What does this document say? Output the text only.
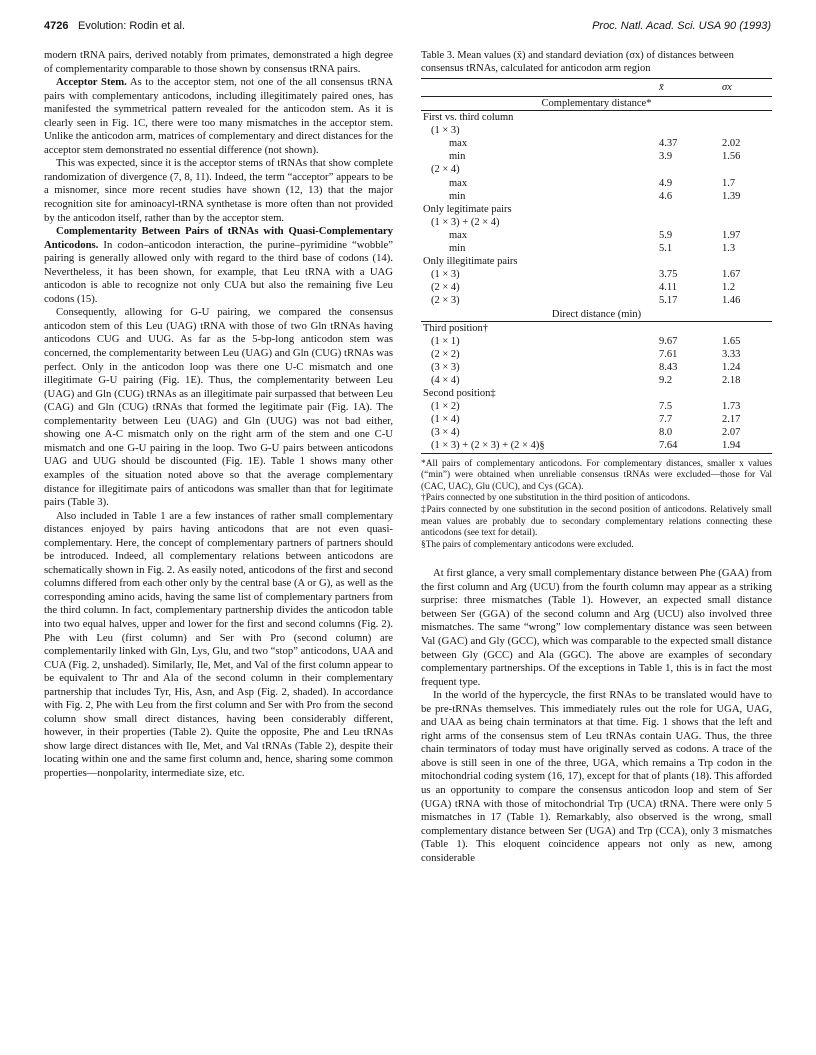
4726 Evolution: Rodin et al.	Proc. Natl. Acad. Sci. USA 90 (1993)

modern tRNA pairs, derived notably from primates, demonstrated a high degree of complementarity comparable to those shown by consensus tRNA pairs.

Acceptor Stem. As to the acceptor stem, not one of the all consensus tRNA pairs with complementary anticodons, including illegitimately paired ones, has manifested the symmetrical pattern revealed for the anticodon stem. As it is clearly seen in Fig. 1C, there were too many mismatches in the acceptor stem. Unlike the anticodon arm, matrices of complementary and direct distances for the acceptor stem demonstrated no essential difference (not shown).

This was expected, since it is the acceptor stems of tRNAs that show complete randomization of divergence (7, 8, 11). Indeed, the term “acceptor” appears to be a misnomer, since more recent studies have shown (12, 13) that the major recognition site for aminoacyl-tRNA synthetase is more often than not provided by the anticodon itself, rather than by the acceptor stem.

Complementarity Between Pairs of tRNAs with Quasi-Complementary Anticodons. In codon–anticodon interaction, the purine–pyrimidine “wobble” pairing is generally allowed only with regard to the third base of codons (14). Nevertheless, it has been shown, for example, that Leu tRNA with a UAG anticodon is able to recognize not only CUA but also the remaining five Leu codons (15).

Consequently, allowing for G-U pairing, we compared the consensus anticodon stem of this Leu (UAG) tRNA with those of two Gln tRNAs having anticodons CUG and UUG. As far as the 5-bp-long anticodon stem was concerned, the complementarity between Leu (UAG) and Gln (CUG) tRNAs was perfect. Only in the anticodon loop was there one U-C mismatch and one illegitimate G-U pairing (Fig. 1E). Thus, the complementarity between Leu (UAG) and Gln (CUG) tRNAs as an illegitimate pair surpassed that between Leu (CAG) and Gln (CUG) tRNAs that formed the legitimate pair (Fig. 1A). The complementarity between Leu (UAG) and Gln (UUG) was not bad either, showing one A-C mismatch only on the right arm of the stem and one C-U mismatch and one G-U pairing in the loop. Two G-U pairs between anticodons UAG and UUG should be discounted (Fig. 1E). Table 1 shows many other examples of the situation noted above so that the average complementary distance for illegitimate pairs of anticodons was smaller than that for legitimate pairs (Table 3).

Also included in Table 1 are a few instances of rather small complementary distances enjoyed by pairs having anticodons that are not even quasi-complementary. Here, the concept of complementary partners of partners should be introduced. Indeed, all complementary relations between anticodons are schematically shown in Fig. 2. As easily noted, anticodons of the first and second columns differed from each other only by the central base (A or G), as well as the corresponding amino acids, having the same list of complementary partners from the third column. In fact, complementary partnership divides the anticodon table into two equal halves, upper and lower for the first and second columns (Fig. 2). Phe with Leu (first column) and Ser with Pro (second column) are complementarily linked with Gln, Lys, Glu, and two “stop” anticodons, UAA and CUA (Fig. 2, unshaded). Similarly, Ile, Met, and Val of the first column appear to be equivalent to Thr and Ala of the second column in their complementary partnership that includes Tyr, His, Asn, and Asp (Fig. 2, shaded). In accordance with Fig. 2, Phe with Leu from the first column and Ser with Pro from the second column show small direct distances, having been considerably different, however, in their properties (Table 2). Quite the opposite, Phe and Leu tRNAs show large direct distances with Ile, Met, and Val tRNAs (Table 2), despite their locating within one and the same first column and, hence, sharing some common properties—nonpolarity, intermediate size, etc.

Table 3. Mean values (x̄) and standard deviation (σx) of distances between consensus tRNAs, calculated for anticodon arm region
	x̄	σx
Complementary distance*		
First vs. third column		
(1 × 3)		
max	4.37	2.02
min	3.9	1.56
(2 × 4)		
max	4.9	1.7
min	4.6	1.39
Only legitimate pairs		
(1 × 3) + (2 × 4)		
max	5.9	1.97
min	5.1	1.3
Only illegitimate pairs		
(1 × 3)	3.75	1.67
(2 × 4)	4.11	1.2
(2 × 3)	5.17	1.46
Direct distance (min)		
Third position†		
(1 × 1)	9.67	1.65
(2 × 2)	7.61	3.33
(3 × 3)	8.43	1.24
(4 × 4)	9.2	2.18
Second position‡		
(1 × 2)	7.5	1.73
(1 × 4)	7.7	2.17
(3 × 4)	8.0	2.07
(1 × 3) + (2 × 3) + (2 × 4)§	7.64	1.94
*All pairs of complementary anticodons. For complementary distances, smaller x values (“min”) were obtained when unreliable consensus tRNAs were excluded—those for Val (CAC, UAC), Glu (CUC), and Cys (GCA).
†Pairs connected by one substitution in the third position of anticodons.
‡Pairs connected by one substitution in the second position of anticodons. Relatively small mean values are probably due to secondary complementary relations connecting these anticodons (see text for detail).
§The pairs of complementary anticodons were excluded.

At first glance, a very small complementary distance between Phe (GAA) from the first column and Arg (UCU) from the fourth column may appear as a striking surprise: three mismatches (Table 1). However, an expected small distance between Ser (GGA) of the second column and Arg (UCU) also involved three mismatches. The same “wrong” low complementary distance was seen between Val (GAC) and Gly (GCC), which was comparable to the expected small distance between Gly (GCC) and Ala (GGC). The above are examples of secondary complementary partnerships. Of the exceptions in Table 1, this is in fact the most frequent type.

In the world of the hypercycle, the first RNAs to be translated would have to be pre-tRNAs themselves. This immediately rules out the role for UGA, UAG, and UAA as being chain terminators at that time. Fig. 1 shows that the left and right arms of the consensus stem of Leu tRNAs contain UAG. Thus, the three chain terminators of today must have originally served as codons. A trace of the above is still seen in one of the three, UGA, which remains a Trp codon in the mitochondrial coding system (16, 17), except for that of plants (18). This afforded us an opportunity to compare the consensus anticodon loop and stem of Ser (UGA) tRNA with those of mitochondrial Trp (UCA) tRNA. There were only 5 mismatches in 17 (Table 1). Remarkably, also observed is the wrong, small complementary distance between Ser (UGA) and Trp (CCA), only 3 mismatches (Table 1). This eloquent coincidence appears not only as new, among considerable
